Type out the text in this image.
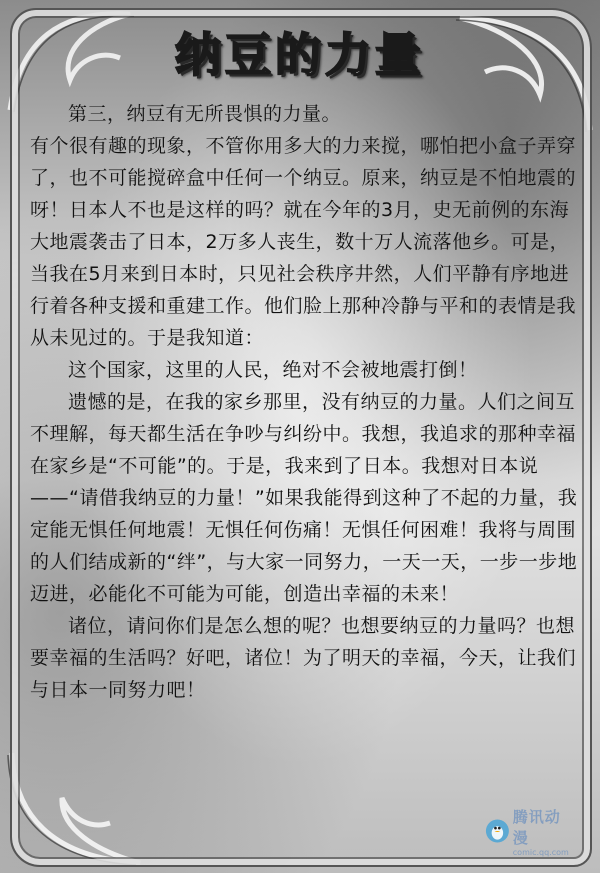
纳豆的力量

第三，纳豆有无所畏惧的力量。

有个很有趣的现象，不管你用多大的力来搅，哪怕把小盒子弄穿了，也不可能搅碎盒中任何一个纳豆。原来，纳豆是不怕地震的呀！日本人不也是这样的吗？就在今年的3月，史无前例的东海大地震袭击了日本，2万多人丧生，数十万人流落他乡。可是，当我在5月来到日本时，只见社会秩序井然，人们平静有序地进行着各种支援和重建工作。他们脸上那种冷静与平和的表情是我从未见过的。于是我知道：

这个国家，这里的人民，绝对不会被地震打倒！

遗憾的是，在我的家乡那里，没有纳豆的力量。人们之间互不理解，每天都生活在争吵与纠纷中。我想，我追求的那种幸福在家乡是“不可能”的。于是，我来到了日本。我想对日本说——“请借我纳豆的力量！”如果我能得到这种了不起的力量，我定能无惧任何地震！无惧任何伤痛！无惧任何困难！我将与周围的人们结成新的“绊”，与大家一同努力，一天一天，一步一步地迈进，必能化不可能为可能，创造出幸福的未来！

诸位，请问你们是怎么想的呢？也想要纳豆的力量吗？也想要幸福的生活吗？好吧，诸位！为了明天的幸福，今天，让我们与日本一同努力吧！

腾讯动漫
comic.qq.com
